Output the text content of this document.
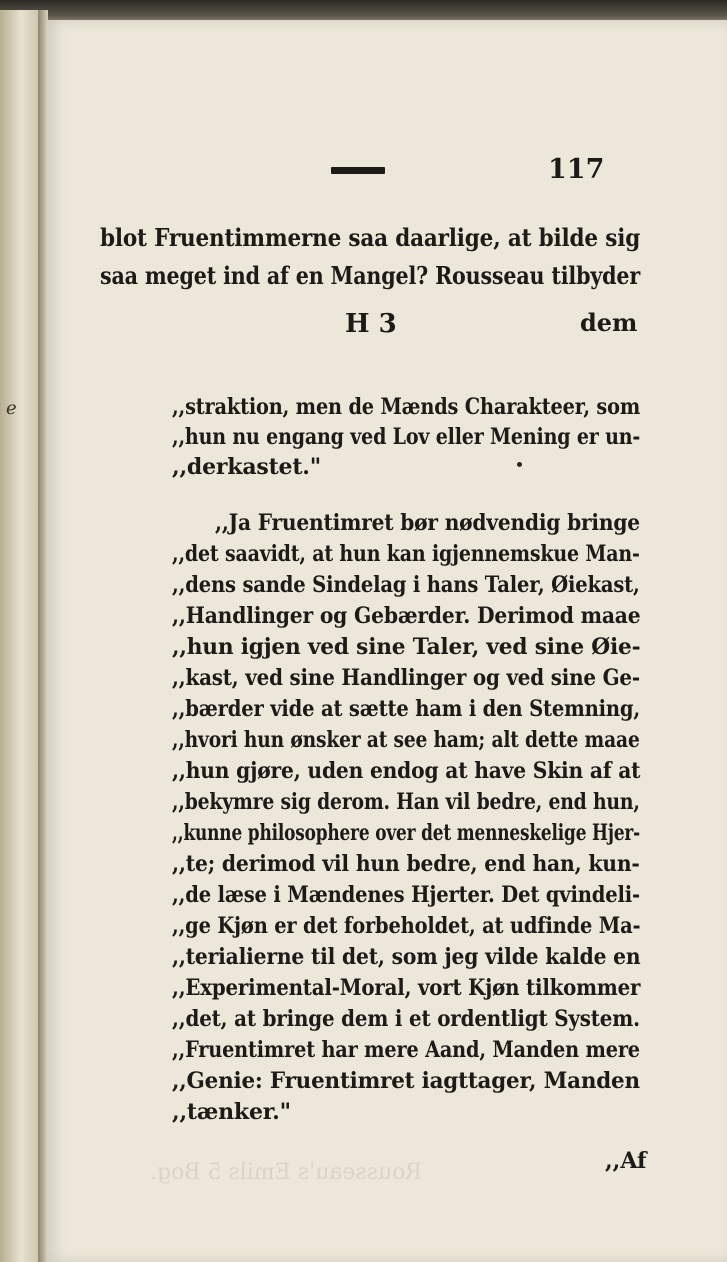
Rousseau's Emils 5 Bog.
ℯ
117
blot Fruentimmerne saa daarlige, at bilde sig
saa meget ind af en Mangel? Rousseau tilbyder
H 3	dem
,,straktion, men de Mænds Charakteer, som
,,hun nu engang ved Lov eller Mening er un-
,,derkastet."
,,Ja Fruentimret bør nødvendig bringe
,,det saavidt, at hun kan igjennemskue Man-
,,dens sande Sindelag i hans Taler, Øiekast,
,,Handlinger og Gebærder. Derimod maae
,,hun igjen ved sine Taler, ved sine Øie-
,,kast, ved sine Handlinger og ved sine Ge-
,,bærder vide at sætte ham i den Stemning,
,,hvori hun ønsker at see ham; alt dette maae
,,hun gjøre, uden endog at have Skin af at
,,bekymre sig derom. Han vil bedre, end hun,
,,kunne philosophere over det menneskelige Hjer-
,,te; derimod vil hun bedre, end han, kun-
,,de læse i Mændenes Hjerter. Det qvindeli-
,,ge Kjøn er det forbeholdet, at udfinde Ma-
,,terialierne til det, som jeg vilde kalde en
,,Experimental-Moral, vort Kjøn tilkommer
,,det, at bringe dem i et ordentligt System.
,,Fruentimret har mere Aand, Manden mere
,,Genie: Fruentimret iagttager, Manden
,,tænker."
,,Af
